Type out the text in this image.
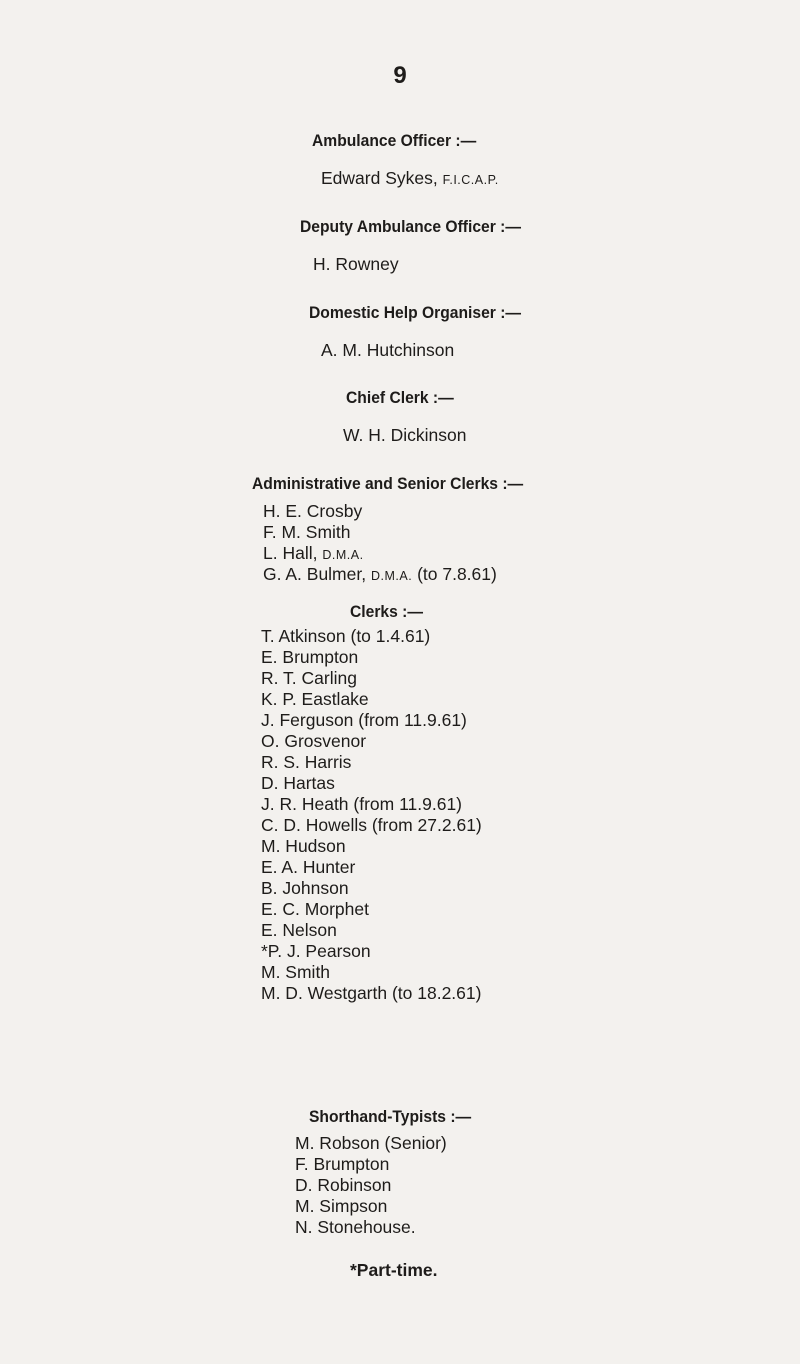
9
Ambulance Officer :—
Edward Sykes, F.I.C.A.P.
Deputy Ambulance Officer :—
H. Rowney
Domestic Help Organiser :—
A. M. Hutchinson
Chief Clerk :—
W. H. Dickinson
Administrative and Senior Clerks :—
H. E. Crosby
F. M. Smith
L. Hall, D.M.A.
G. A. Bulmer, D.M.A. (to 7.8.61)
Clerks :—
T. Atkinson (to 1.4.61)
E. Brumpton
R. T. Carling
K. P. Eastlake
J. Ferguson (from 11.9.61)
O. Grosvenor
R. S. Harris
D. Hartas
J. R. Heath (from 11.9.61)
C. D. Howells (from 27.2.61)
M. Hudson
E. A. Hunter
B. Johnson
E. C. Morphet
E. Nelson
*P. J. Pearson
M. Smith
M. D. Westgarth (to 18.2.61)
Shorthand-Typists :—
M. Robson (Senior)
F. Brumpton
D. Robinson
M. Simpson
N. Stonehouse.
*Part-time.
